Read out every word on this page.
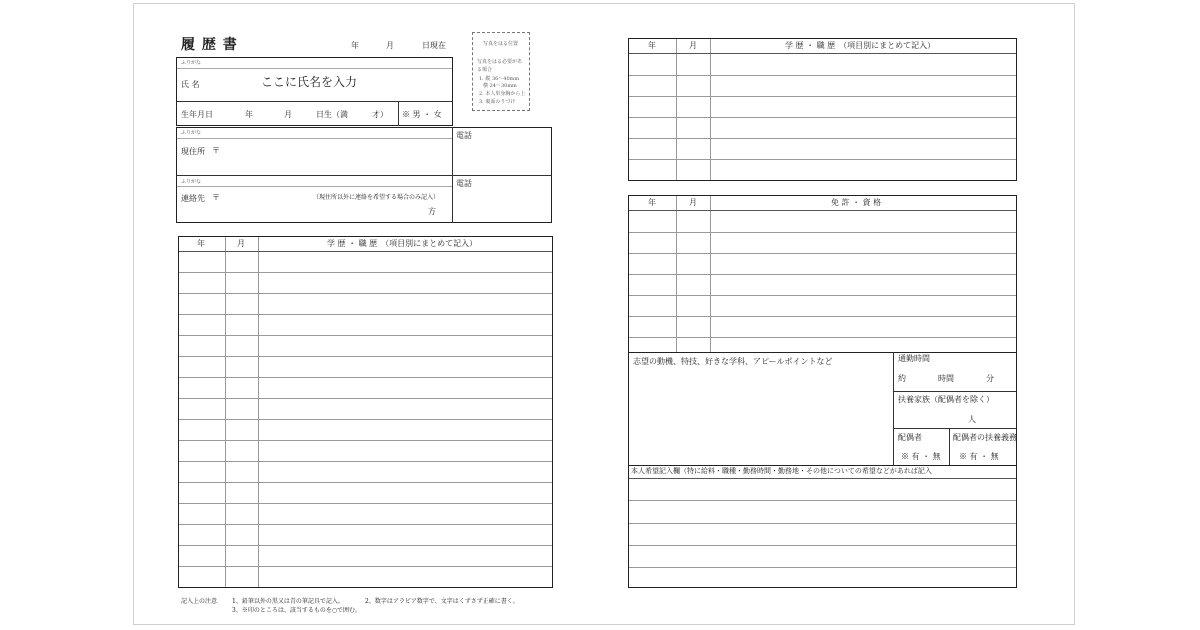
履 歴 書	年	月	日現在	写真をはる位置
写真をはる必要があ
る場合
1. 縦 36〜40mm
横 24〜30mm
2. 本人単身胸から上
3. 裏面のりづけ
ふりがな
氏 名	ここに氏名を入力
生年月日	年	月	日生（満	才） ※ 男 ・ 女
ふりがな
現住所 〒
電話
ふりがな
連絡先 〒	（現住所以外に連絡を希望する場合のみ記入）
方
電話
年	月	学 歴 ・ 職 歴　（項目別にまとめて記入）
年	月	学 歴 ・ 職 歴　（項目別にまとめて記入）
年	月	免 許 ・ 資 格
志望の動機、特技、好きな学科、アピールポイントなど	通勤時間
約	時間	分
扶養家族（配偶者を除く）
人
配偶者
※ 有 ・ 無
配偶者の扶養義務
※ 有 ・ 無
本人希望記入欄（特に給料・職種・勤務時間・勤務地・その他についての希望などがあれば記入
記入上の注意 1、鉛筆以外の黒又は青の筆記具で記入。	2、数字はアラビア数字で、文字はくずさず正確に書く。
3、※印のところは、該当するものを○で囲む。
